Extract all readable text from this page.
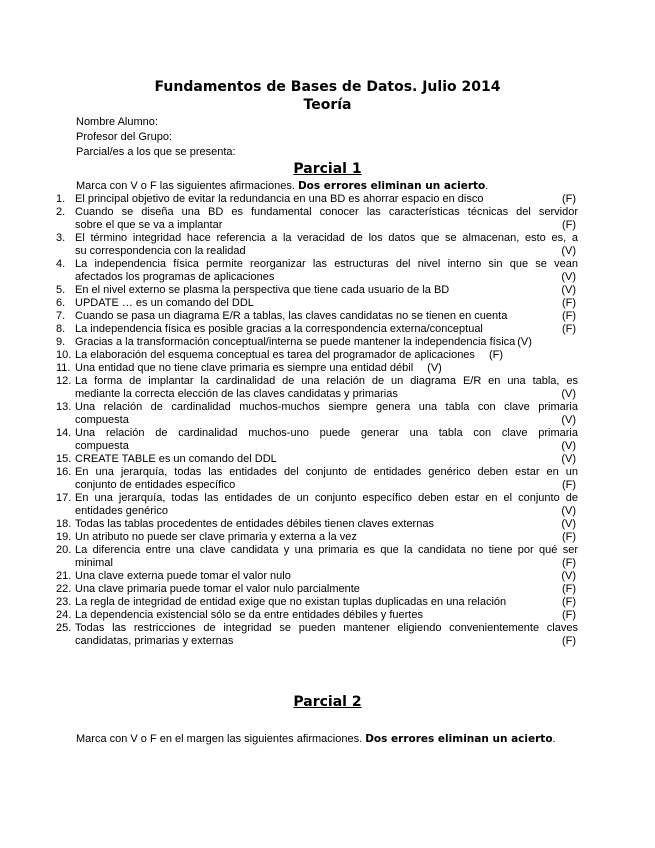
Fundamentos de Bases de Datos. Julio 2014
Teoría
Nombre Alumno:
Profesor del Grupo:
Parcial/es a los que se presenta:
Parcial 1
Marca con V o F las siguientes afirmaciones. Dos errores eliminan un acierto.
1. El principal objetivo de evitar la redundancia en una BD es ahorrar espacio en disco	(F)
2. Cuando se diseña una BD es fundamental conocer las características técnicas del servidor
sobre el que se va a implantar	(F)
3. El término integridad hace referencia a la veracidad de los datos que se almacenan, esto es, a
su correspondencia con la realidad	(V)
4. La independencia física permite reorganizar las estructuras del nivel interno sin que se vean
afectados los programas de aplicaciones	(V)
5. En el nivel externo se plasma la perspectiva que tiene cada usuario de la BD	(V)
6. UPDATE … es un comando del DDL	(F)
7. Cuando se pasa un diagrama E/R a tablas, las claves candidatas no se tienen en cuenta	(F)
8. La independencia física es posible gracias a la correspondencia externa/conceptual	(F)
9. Gracias a la transformación conceptual/interna se puede mantener la independencia física (V)
10. La elaboración del esquema conceptual es tarea del programador de aplicaciones	(F)
11. Una entidad que no tiene clave primaria es siempre una entidad débil	(V)
12. La forma de implantar la cardinalidad de una relación de un diagrama E/R en una tabla, es
mediante la correcta elección de las claves candidatas y primarias	(V)
13. Una relación de cardinalidad muchos-muchos siempre genera una tabla con clave primaria
compuesta	(V)
14. Una relación de cardinalidad muchos-uno puede generar una tabla con clave primaria
compuesta	(V)
15. CREATE TABLE es un comando del DDL	(V)
16. En una jerarquía, todas las entidades del conjunto de entidades genérico deben estar en un
conjunto de entidades específico	(F)
17. En una jerarquía, todas las entidades de un conjunto específico deben estar en el conjunto de
entidades genérico	(V)
18. Todas las tablas procedentes de entidades débiles tienen claves externas	(V)
19. Un atributo no puede ser clave primaria y externa a la vez	(F)
20. La diferencia entre una clave candidata y una primaria es que la candidata no tiene por qué ser
minimal	(F)
21. Una clave externa puede tomar el valor nulo	(V)
22. Una clave primaria puede tomar el valor nulo parcialmente	(F)
23. La regla de integridad de entidad exige que no existan tuplas duplicadas en una relación	(F)
24. La dependencia existencial sólo se da entre entidades débiles y fuertes	(F)
25. Todas las restricciones de integridad se pueden mantener eligiendo convenientemente claves
candidatas, primarias y externas	(F)
Parcial 2
Marca con V o F en el margen las siguientes afirmaciones. Dos errores eliminan un acierto.
